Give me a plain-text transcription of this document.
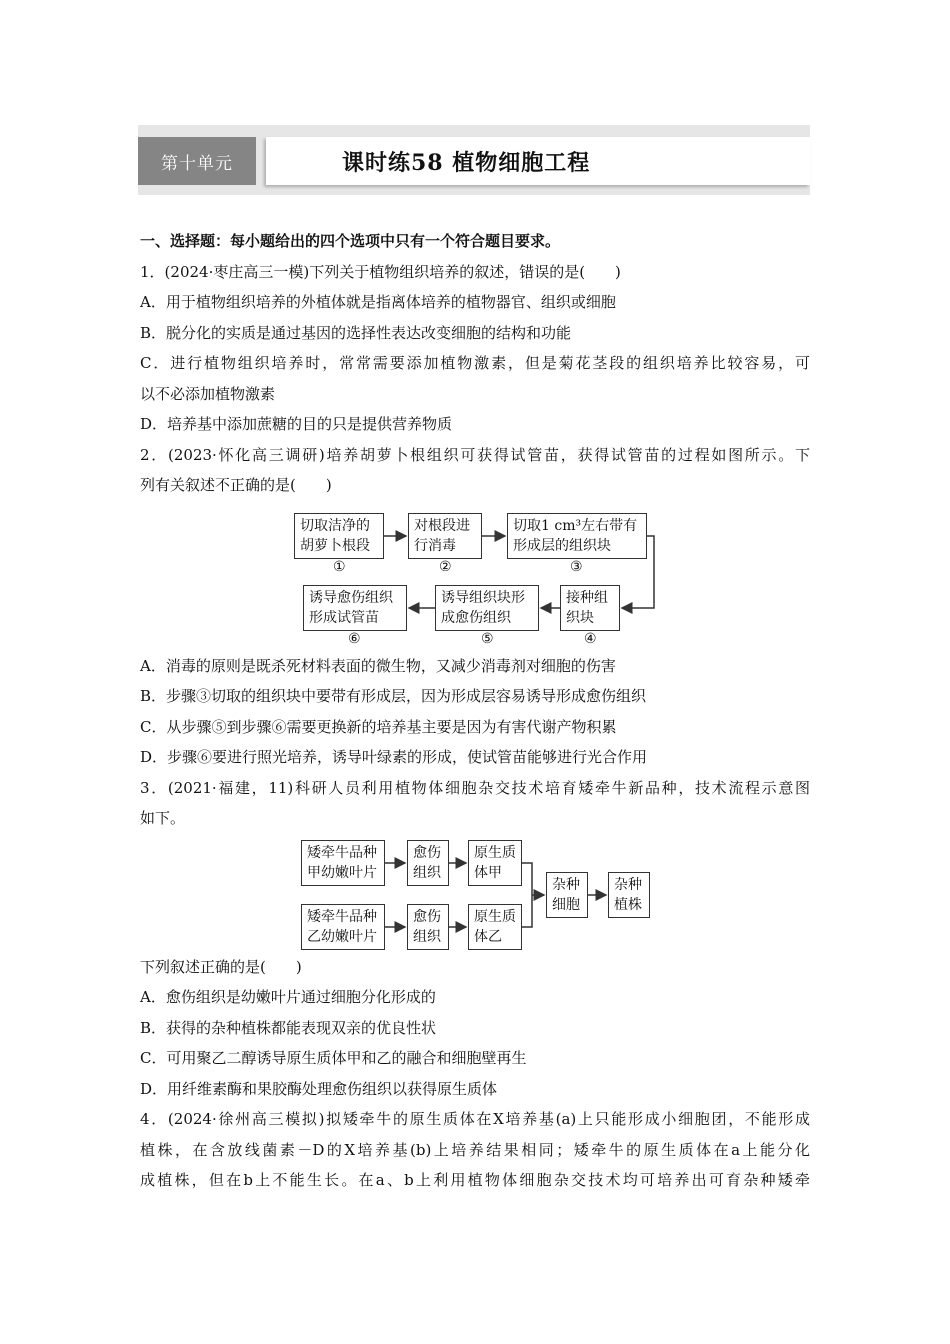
第十单元	课时练58 植物细胞工程
一、选择题：每小题给出的四个选项中只有一个符合题目要求。
1．(2024·枣庄高三一模)下列关于植物组织培养的叙述，错误的是(　　)
A．用于植物组织培养的外植体就是指离体培养的植物器官、组织或细胞
B．脱分化的实质是通过基因的选择性表达改变细胞的结构和功能
C．进行植物组织培养时，常常需要添加植物激素，但是菊花茎段的组织培养比较容易，可
以不必添加植物激素
D．培养基中添加蔗糖的目的只是提供营养物质
2．(2023·怀化高三调研)培养胡萝卜根组织可获得试管苗，获得试管苗的过程如图所示。下
列有关叙述不正确的是(　　)
切取洁净的胡萝卜根段
对根段进行消毒
切取1 cm³左右带有形成层的组织块
接种组织块
诱导组织块形成愈伤组织
诱导愈伤组织形成试管苗
①	②	③
④
⑤
⑥
A．消毒的原则是既杀死材料表面的微生物，又减少消毒剂对细胞的伤害
B．步骤③切取的组织块中要带有形成层，因为形成层容易诱导形成愈伤组织
C．从步骤⑤到步骤⑥需要更换新的培养基主要是因为有害代谢产物积累
D．步骤⑥要进行照光培养，诱导叶绿素的形成，使试管苗能够进行光合作用
3．(2021·福建，11)科研人员利用植物体细胞杂交技术培育矮牵牛新品种，技术流程示意图
如下。
矮牵牛品种甲幼嫩叶片
愈伤组织
原生质体甲
矮牵牛品种乙幼嫩叶片
愈伤组织
原生质体乙
杂种细胞
杂种植株
下列叙述正确的是(　　)
A．愈伤组织是幼嫩叶片通过细胞分化形成的
B．获得的杂种植株都能表现双亲的优良性状
C．可用聚乙二醇诱导原生质体甲和乙的融合和细胞壁再生
D．用纤维素酶和果胶酶处理愈伤组织以获得原生质体
4．(2024·徐州高三模拟)拟矮牵牛的原生质体在X培养基(a)上只能形成小细胞团，不能形成
植株，在含放线菌素－D的X培养基(b)上培养结果相同；矮牵牛的原生质体在a上能分化
成植株，但在b上不能生长。在a、b上利用植物体细胞杂交技术均可培养出可育杂种矮牵
